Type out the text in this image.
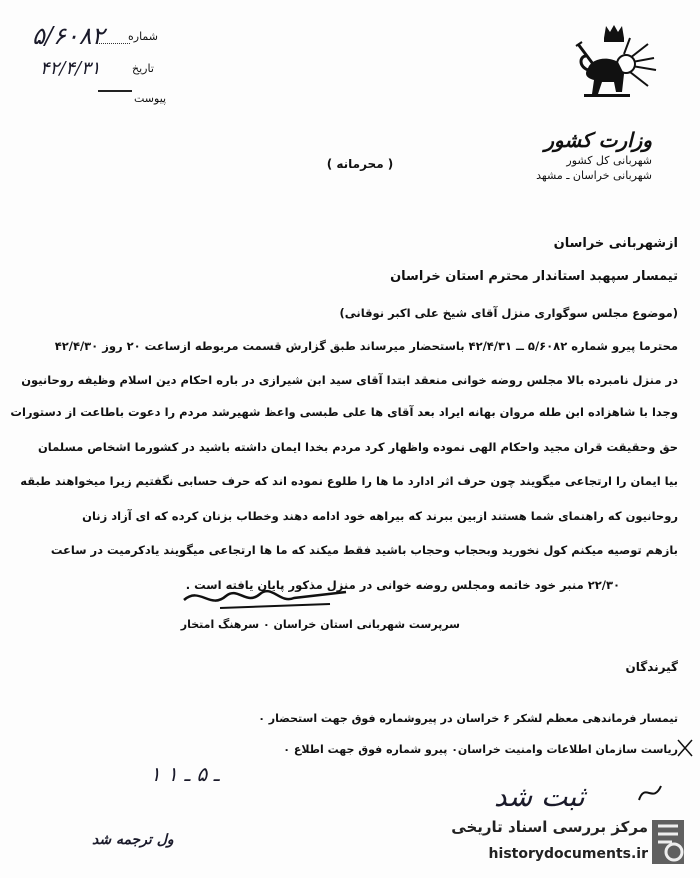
شماره
۵/۶۰۸۲
تاریخ
۴۲/۴/۳۱
پیوست
وزارت کشور
شهربانی کل کشور
شهربانی خراسان ـ مشهد
( محرمانه )
ازشهربانی خراسان
تیمسار سپهبد استاندار محترم استان خراسان
(موضوع مجلس سوگواری منزل آقای شیخ علی اکبر نوقانی)
محترما پیرو شماره ۵/۶۰۸۲ ــ ۴۲/۴/۳۱ باستحضار میرساند طبق گزارش قسمت مربوطه ازساعت ۲۰ روز ۴۲/۴/۳۰
در منزل نامبرده بالا مجلس روضه خوانی منعقد ابتدا آقای سید ابن شیرازی در باره احکام دین اسلام وظیفه روحانیون
وجدا با شاهزاده ابن طله مروان بهانه ایراد بعد آقای ها علی طبسی واعظ شهیرشد مردم را دعوت باطاعت از دستورات
حق وحقیقت قران مجید واحکام الهی نموده واظهار کرد مردم بخدا ایمان داشته باشید در کشورما اشخاص مسلمان
بیا ایمان را ارتجاعی میگویند چون حرف اثر ادارد ما ها را طلوع نموده اند که حرف حسابی نگفتیم زیرا میخواهند طبقه
روحانیون که راهنمای شما هستند ازبین ببرند که بیراهه خود ادامه دهند وخطاب بزنان کرده که ای آزاد زنان
بازهم توصیه میکنم کول نخورید وبحجاب وحجاب باشید فقط میکند که ما ها ارتجاعی میگویند یادکرمیت در ساعت
۲۲/۳۰ منبر خود خاتمه ومجلس روضه خوانی در منزل مذکور پایان یافته است .
سرپرست شهربانی استان خراسان ۰ سرهنگ امتخار
گیرندگان
تیمسار فرماندهی معظم لشکر ۶ خراسان در پیروشماره فوق جهت استحضار ۰
ریاست سازمان اطلاعات وامنیت خراسان۰ پیرو شماره فوق جهت اطلاع ۰
۱ ـ ۵ ـ ۱
ثبت شد
ول ترجمه شد
مرکز بررسی اسناد تاریخی
historydocuments.ir
